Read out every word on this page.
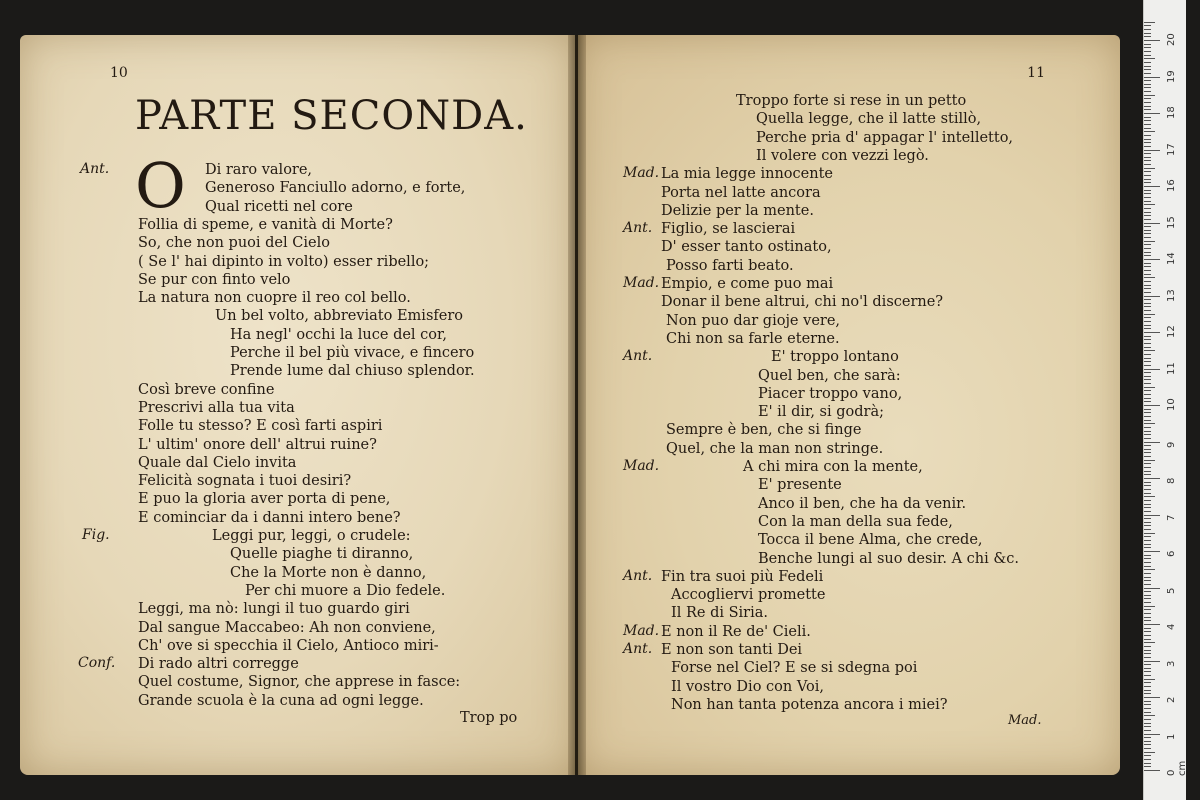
10
PARTE SECONDA.
O Di raro valore,
Generoso Fanciullo adorno, e forte,
Qual ricetti nel core
Follia di speme, e vanità di Morte?
So, che non puoi del Cielo
( Se l' hai dipinto in volto) esser ribello;
Se pur con finto velo
La natura non cuopre il reo col bello.
Un bel volto, abbreviato Emisfero
Ha negl' occhi la luce del cor,
Perche il bel più vivace, e fincero
Prende lume dal chiuso splendor.
Così breve confine
Prescrivi alla tua vita
Folle tu stesso? E così farti aspiri
L' ultim' onore dell' altrui ruine?
Quale dal Cielo invita
Felicità sognata i tuoi desiri?
E puo la gloria aver porta di pene,
E cominciar da i danni intero bene?
Leggi pur, leggi, o crudele:
Quelle piaghe ti diranno,
Che la Morte non è danno,
Per chi muore a Dio fedele.
Leggi, ma nò: lungi il tuo guardo giri
Dal sangue Maccabeo: Ah non conviene,
Ch' ove si specchia il Cielo, Antioco miri-
Di rado altri corregge
Quel costume, Signor, che apprese in fasce:
Grande scuola è la cuna ad ogni legge.
Ant.
Fig.
Conf.
Trop po
11
Troppo forte si rese in un petto
Quella legge, che il latte stillò,
Perche pria d' appagar l' intelletto,
Il volere con vezzi legò.
La mia legge innocente
Porta nel latte ancora
Delizie per la mente.
Figlio, se lascierai
D' esser tanto ostinato,
Posso farti beato.
Empio, e come puo mai
Donar il bene altrui, chi no'l discerne?
Non puo dar gioje vere,
Chi non sa farle eterne.
E' troppo lontano
Quel ben, che sarà:
Piacer troppo vano,
E' il dir, si godrà;
Sempre è ben, che si finge
Quel, che la man non stringe.
A chi mira con la mente,
E' presente
Anco il ben, che ha da venir.
Con la man della sua fede,
Tocca il bene Alma, che crede,
Benche lungi al suo desir. A chi &c.
Fin tra suoi più Fedeli
Accogliervi promette
Il Re di Siria.
E non il Re de' Cieli.
E non son tanti Dei
Forse nel Ciel? E se si sdegna poi
Il vostro Dio con Voi,
Non han tanta potenza ancora i miei?
Mad.
Ant.
Mad.
Ant.
Mad.
Ant.
Mad.
Ant.
Mad.
0 cm
1
2
3
4
5
6
7
8
9
10
11
12
13
14
15
16
17
18
19
20
